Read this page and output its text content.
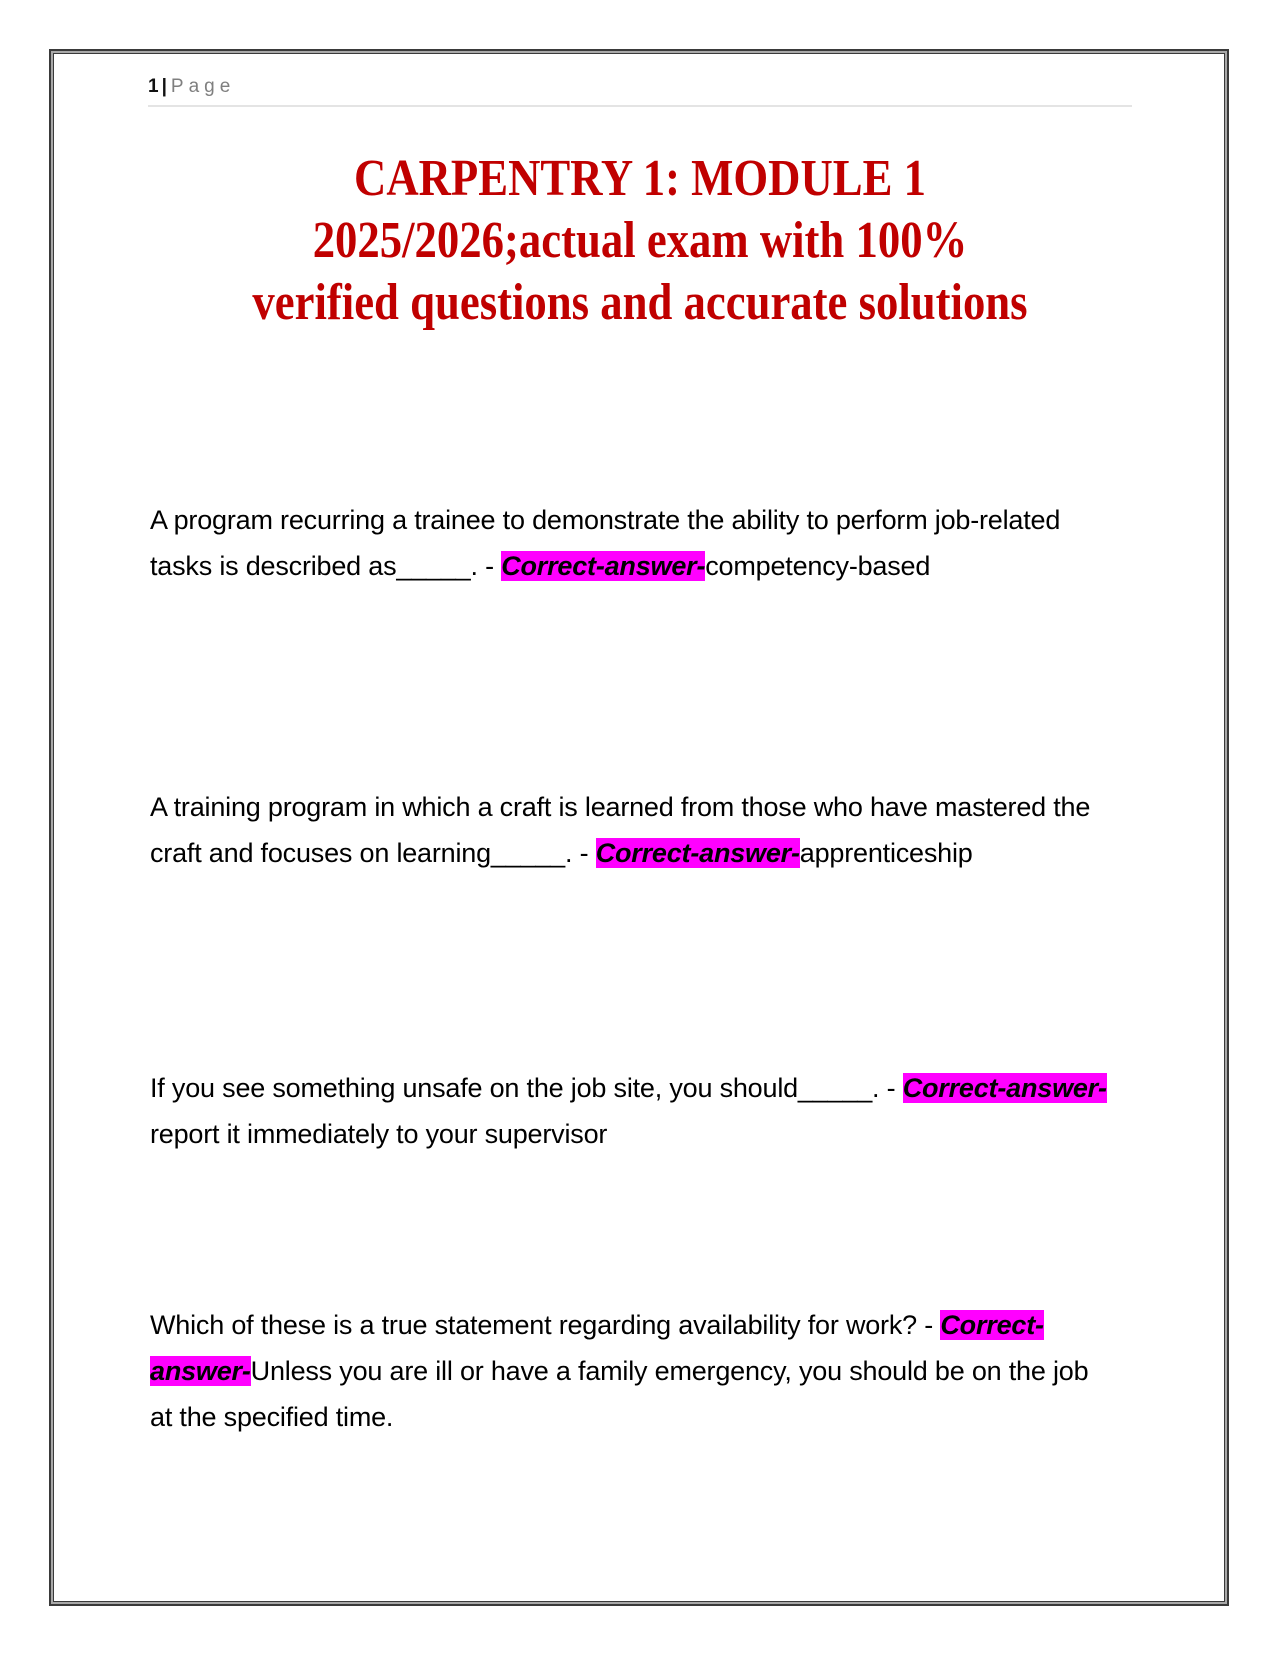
1 | Page
CARPENTRY 1: MODULE 1
2025/2026;actual exam with 100%
verified questions and accurate solutions
A program recurring a trainee to demonstrate the ability to perform job-related tasks is described as_____. - Correct-answer-competency-based
A training program in which a craft is learned from those who have mastered the craft and focuses on learning_____. - Correct-answer-apprenticeship
If you see something unsafe on the job site, you should_____. - Correct-answer-report it immediately to your supervisor
Which of these is a true statement regarding availability for work? - Correct-answer-Unless you are ill or have a family emergency, you should be on the job at the specified time.
